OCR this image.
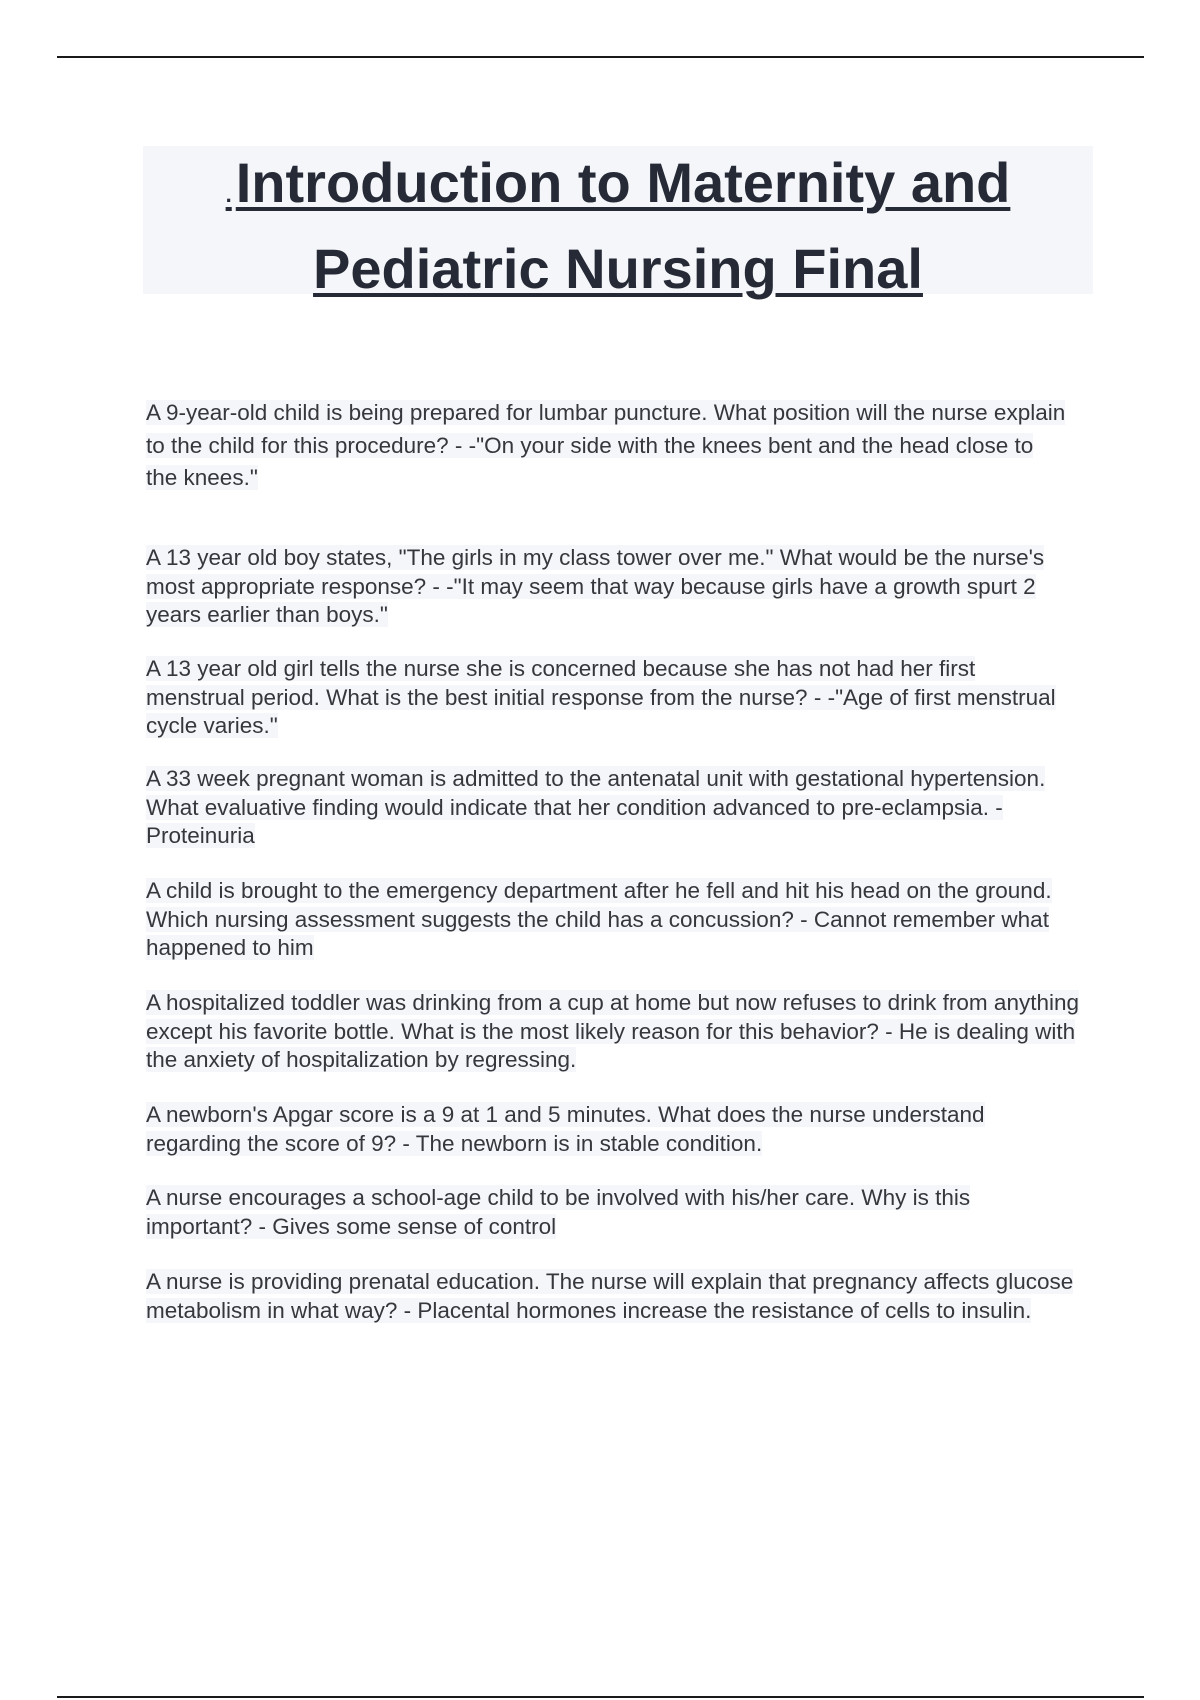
.Introduction to Maternity and
Pediatric Nursing Final

A 9-year-old child is being prepared for lumbar puncture. What position will the nurse explain to the child for this procedure? - -"On your side with the knees bent and the head close to the knees."

A 13 year old boy states, "The girls in my class tower over me." What would be the nurse's most appropriate response? - -"It may seem that way because girls have a growth spurt 2 years earlier than boys."

A 13 year old girl tells the nurse she is concerned because she has not had her first menstrual period. What is the best initial response from the nurse? - -"Age of first menstrual cycle varies."

A 33 week pregnant woman is admitted to the antenatal unit with gestational hypertension. What evaluative finding would indicate that her condition advanced to pre-eclampsia. - Proteinuria

A child is brought to the emergency department after he fell and hit his head on the ground. Which nursing assessment suggests the child has a concussion? - Cannot remember what happened to him

A hospitalized toddler was drinking from a cup at home but now refuses to drink from anything except his favorite bottle. What is the most likely reason for this behavior? - He is dealing with the anxiety of hospitalization by regressing.

A newborn's Apgar score is a 9 at 1 and 5 minutes. What does the nurse understand regarding the score of 9? - The newborn is in stable condition.

A nurse encourages a school-age child to be involved with his/her care. Why is this important? - Gives some sense of control

A nurse is providing prenatal education. The nurse will explain that pregnancy affects glucose metabolism in what way? - Placental hormones increase the resistance of cells to insulin.
